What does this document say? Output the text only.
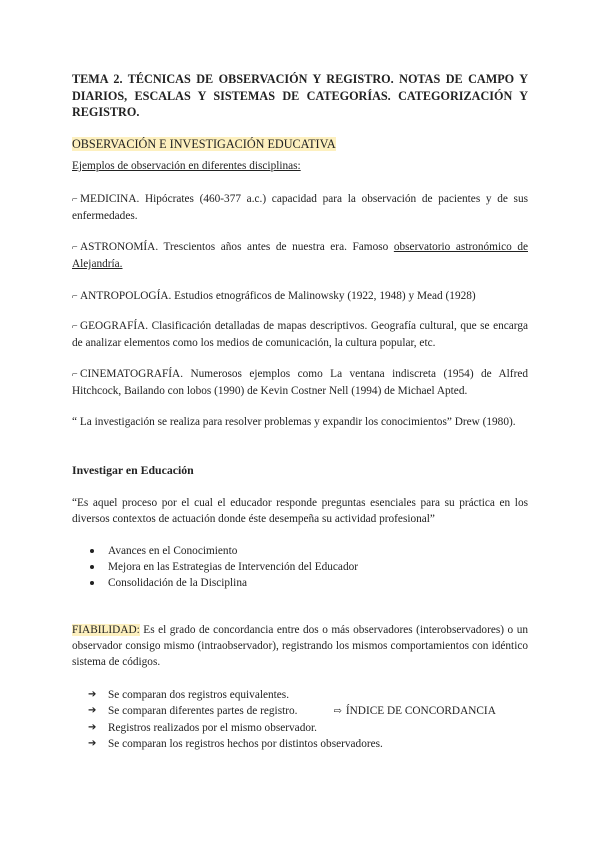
TEMA 2. TÉCNICAS DE OBSERVACIÓN Y REGISTRO. NOTAS DE CAMPO Y DIARIOS, ESCALAS Y SISTEMAS DE CATEGORÍAS. CATEGORIZACIÓN Y REGISTRO.
OBSERVACIÓN E INVESTIGACIÓN EDUCATIVA
Ejemplos de observación en diferentes disciplinas:
⌐ MEDICINA. Hipócrates (460-377 a.c.) capacidad para la observación de pacientes y de sus enfermedades.
⌐ ASTRONOMÍA. Trescientos años antes de nuestra era. Famoso observatorio astronómico de Alejandría.
⌐ ANTROPOLOGÍA. Estudios etnográficos de Malinowsky (1922, 1948) y Mead (1928)
⌐ GEOGRAFÍA. Clasificación detalladas de mapas descriptivos. Geografía cultural, que se encarga de analizar elementos como los medios de comunicación, la cultura popular, etc.
⌐ CINEMATOGRAFÍA. Numerosos ejemplos como La ventana indiscreta (1954) de Alfred Hitchcock, Bailando con lobos (1990) de Kevin Costner Nell (1994) de Michael Apted.
“ La investigación se realiza para resolver problemas y expandir los conocimientos” Drew (1980).
Investigar en Educación
“Es aquel proceso por el cual el educador responde preguntas esenciales para su práctica en los diversos contextos de actuación donde éste desempeña su actividad profesional”
Avances en el Conocimiento
Mejora en las Estrategias de Intervención del Educador
Consolidación de la Disciplina
FIABILIDAD: Es el grado de concordancia entre dos o más observadores (interobservadores) o un observador consigo mismo (intraobservador), registrando los mismos comportamientos con idéntico sistema de códigos.
➔ Se comparan dos registros equivalentes.
➔ Se comparan diferentes partes de registro.	⇨ ÍNDICE DE CONCORDANCIA
➔ Registros realizados por el mismo observador.
➔ Se comparan los registros hechos por distintos observadores.
